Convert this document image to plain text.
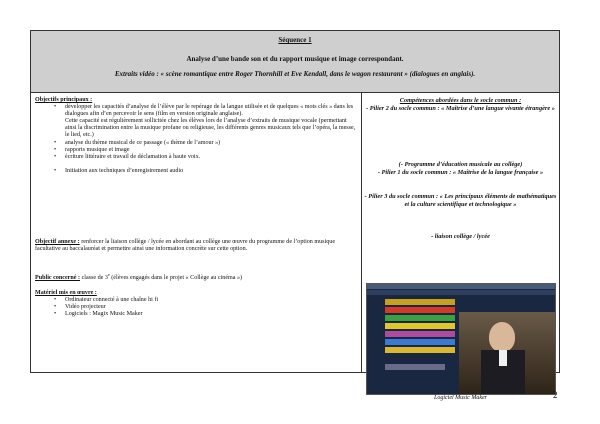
Séquence 1
Analyse d’une bande son et du rapport musique et image correspondant.
Extraits vidéo : « scène romantique entre Roger Thornhill et Eve Kendall, dans le wagon restaurant » (dialogues en anglais).
Objectifs principaux :
• développer les capacités d’analyse de l’élève par le repérage de la langue utilisée et de quelques « mots clés » dans les dialogues afin d’en percevoir le sens (film en version originale anglaise).
Cette capacité est régulièrement sollicitée chez les élèves lors de l’analyse d’extraits de musique vocale (permettant ainsi la discrimination entre la musique profane ou religieuse, les différents genres musicaux tels que l’opéra, la messe, le lied, etc.)
• analyse du thème musical de ce passage (« thème de l’amour »)
• rapports musique et image
• écriture littéraire et travail de déclamation à haute voix.
• Initiation aux techniques d’enregistrement audio
Objectif annexe : renforcer la liaison collège / lycée en abordant au collège une œuvre du programme de l’option musique facultative au baccalauréat et permettre ainsi une information concrète sur cette option.
Public concerné : classe de 3e (élèves engagés dans le projet « Collège au cinéma »)
Matériel mis en œuvre :
• Ordinateur connecté à une chaîne hi fi
• Vidéo projecteur
• Logiciels : Magix Music Maker
Compétences abordées dans le socle commun :
- Pilier 2 du socle commun : « Maîtrise d’une langue vivante étrangère »
(- Programme d’éducation musicale au collège)
- Pilier 1 du socle commun : « Maîtrise de la langue française »
- Pilier 3 du socle commun : « Les principaux éléments de mathématiques et la culture scientifique et technologique »
- liaison collège / lycée
Logiciel Music Maker	2
